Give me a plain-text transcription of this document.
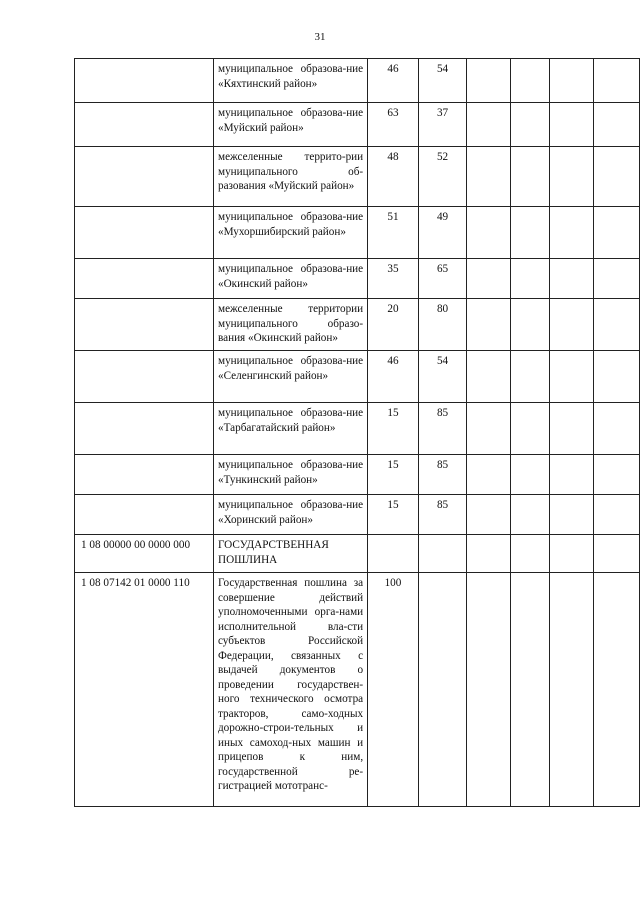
31
	муниципальное образова-ние «Кяхтинский район»	46	54				
	муниципальное образова-ние «Муйский район»	63	37				
	межселенные террито-рии муниципального об-разования «Муйский район»	48	52				
	муниципальное образова-ние «Мухоршибирский район»	51	49				
	муниципальное образова-ние «Окинский район»	35	65				
	межселенные территории муниципального образо-вания «Окинский район»	20	80				
	муниципальное образова-ние «Селенгинский район»	46	54				
	муниципальное образова-ние «Тарбагатайский район»	15	85				
	муниципальное образова-ние «Тункинский район»	15	85				
	муниципальное образова-ние «Хоринский район»	15	85				
1 08 00000 00 0000 000	ГОСУДАРСТВЕННАЯ ПОШЛИНА						
1 08 07142 01 0000 110	Государственная пошлина за совершение действий уполномоченными орга-нами исполнительной вла-сти субъектов Российской Федерации, связанных с выдачей документов о проведении государствен-ного технического осмотра тракторов, само-ходных дорожно-строи-тельных и иных самоход-ных машин и прицепов к ним, государственной ре-гистрацией мототранс-	100					
